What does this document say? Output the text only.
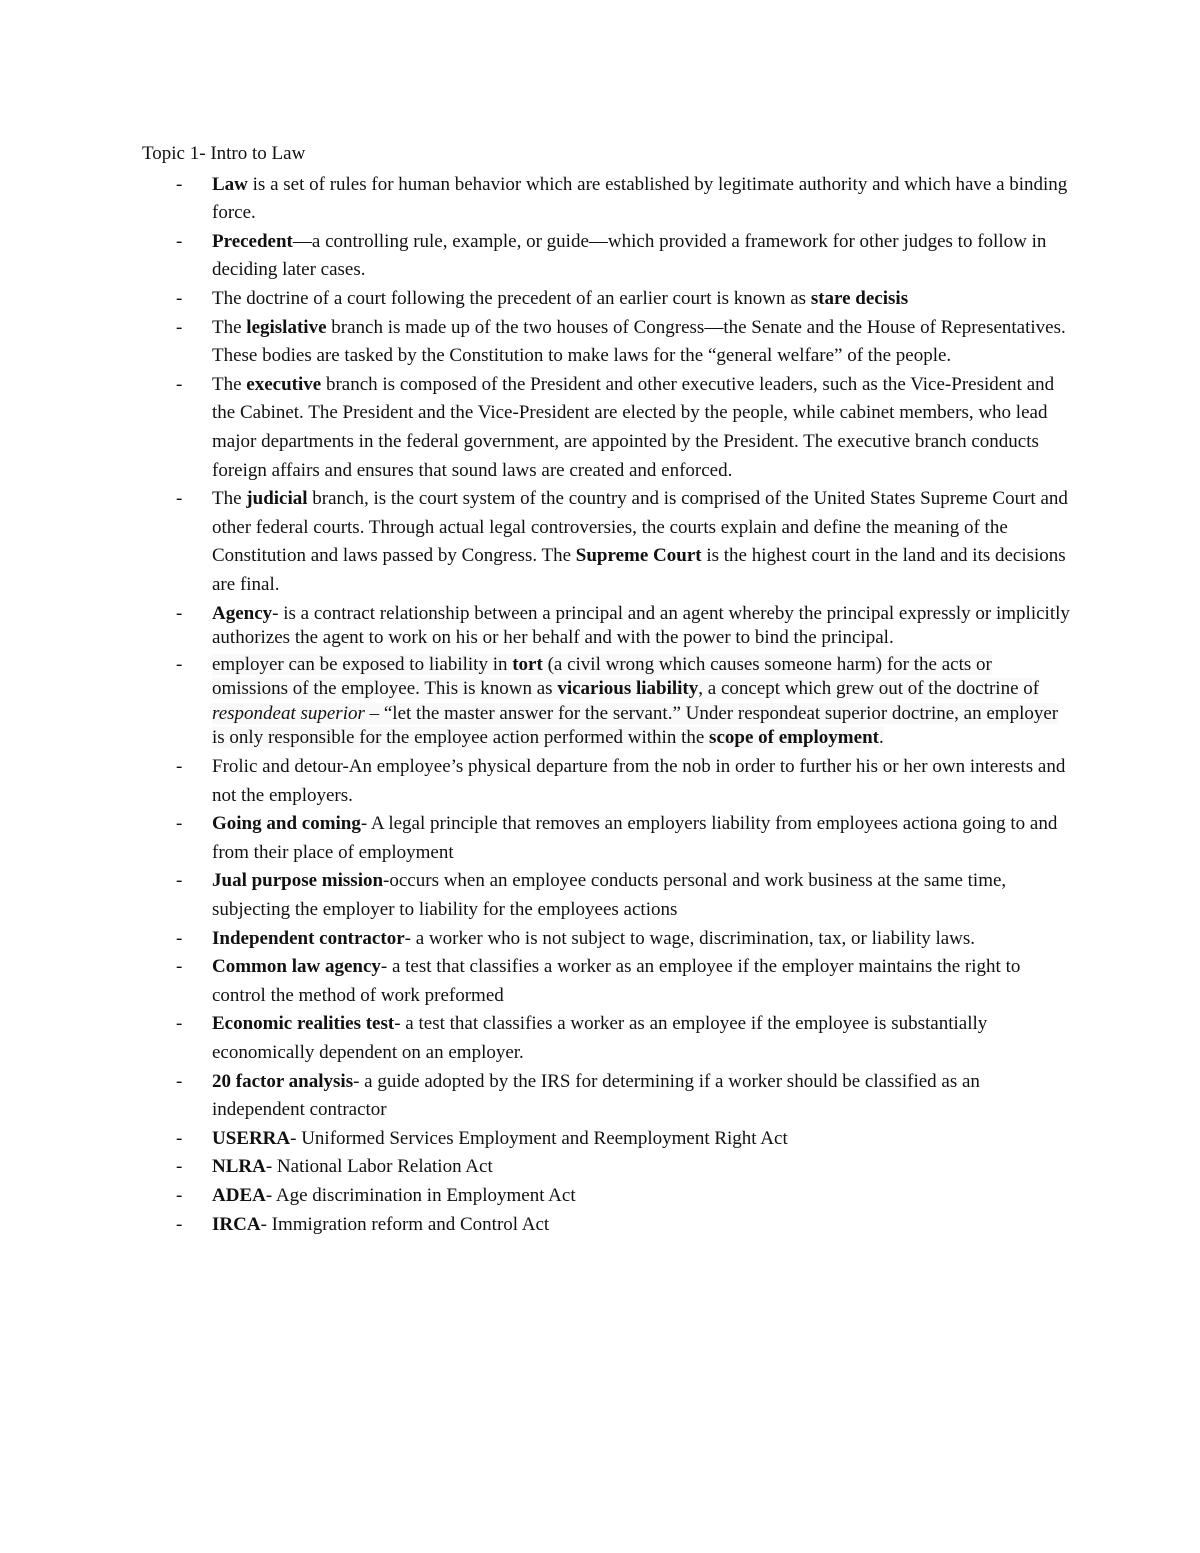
Topic 1- Intro to Law
- Law is a set of rules for human behavior which are established by legitimate authority and which have a binding force.
- Precedent—a controlling rule, example, or guide—which provided a framework for other judges to follow in deciding later cases.
- The doctrine of a court following the precedent of an earlier court is known as stare decisis
- The legislative branch is made up of the two houses of Congress—the Senate and the House of Representatives. These bodies are tasked by the Constitution to make laws for the “general welfare” of the people.
- The executive branch is composed of the President and other executive leaders, such as the Vice-President and the Cabinet. The President and the Vice-President are elected by the people, while cabinet members, who lead major departments in the federal government, are appointed by the President. The executive branch conducts foreign affairs and ensures that sound laws are created and enforced.
- The judicial branch, is the court system of the country and is comprised of the United States Supreme Court and other federal courts. Through actual legal controversies, the courts explain and define the meaning of the Constitution and laws passed by Congress. The Supreme Court is the highest court in the land and its decisions are final.
- Agency- is a contract relationship between a principal and an agent whereby the principal expressly or implicitly authorizes the agent to work on his or her behalf and with the power to bind the principal.
- employer can be exposed to liability in tort (a civil wrong which causes someone harm) for the acts or omissions of the employee. This is known as vicarious liability, a concept which grew out of the doctrine of respondeat superior – “let the master answer for the servant.” Under respondeat superior doctrine, an employer is only responsible for the employee action performed within the scope of employment.
- Frolic and detour-An employee’s physical departure from the nob in order to further his or her own interests and not the employers.
- Going and coming- A legal principle that removes an employers liability from employees actiona going to and from their place of employment
- Jual purpose mission-occurs when an employee conducts personal and work business at the same time, subjecting the employer to liability for the employees actions
- Independent contractor- a worker who is not subject to wage, discrimination, tax, or liability laws.
- Common law agency- a test that classifies a worker as an employee if the employer maintains the right to control the method of work preformed
- Economic realities test- a test that classifies a worker as an employee if the employee is substantially economically dependent on an employer.
- 20 factor analysis- a guide adopted by the IRS for determining if a worker should be classified as an independent contractor
- USERRA- Uniformed Services Employment and Reemployment Right Act
- NLRA- National Labor Relation Act
- ADEA- Age discrimination in Employment Act
- IRCA- Immigration reform and Control Act
